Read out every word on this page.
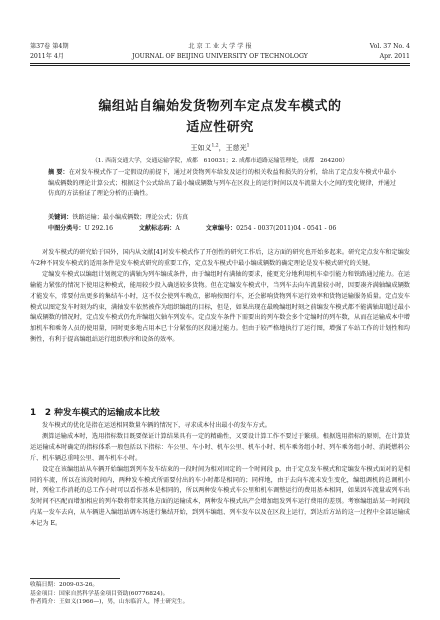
第37卷 第4期	北 京 工 业 大 学 学 报	Vol. 37 No. 4
2011年 4月	JOURNAL OF BEIJING UNIVERSITY OF TECHNOLOGY	Apr. 2011
编组站自编始发货物列车定点发车模式的
适应性研究
王如义$^{1,2}$，王慈光$^1$
（1. 西南交通大学，交通运输学院，成都　610031；2. 成都市道路运输管理处，成都　264200）

摘 要：在对发车模式作了一定假设的前提下，通过对货物列车给发及运行的相关收益和损失的分析，给出了定点发车模式中最小编成辆数的理论计算公式；根据这个公式给出了最小编成辆数与列车在区段上的运行时间以及车流量大小之间的变化规律，并通过仿真的方法验证了理论分析的正确性。

关键词：铁路运输；最小编成辆数；理论公式；仿真
中图分类号：U 292.16	文献标志码：A	文章编号：0254 - 0037(2011)04 - 0541 - 06

对发车模式的研究始于国外，国内从文献[4]对发车模式作了开创性的研究工作后，这方面的研究也开始多起来。研究定点发车和定编发车2种不同发车模式的适用条件是发车模式研究的重要工作，定点发车模式中最小编成辆数的确定理论是发车模式研究的关键。

定编发车模式以编组计划规定的满轴为列车编成条件，由于编组时有满轴的要求，能更充分地利用机车牵引能力和铁路通过能力。在运输能力紧张的情况下使用这种模式，能用较少投入确送较多货物。但在定编发车模式中，当列车去向车流量较小时，因要凑齐满轴编成辆数才能发车，常要付出更多的集结车小时，这不仅会使列车晚点，影响按图行车，还会影响货物列车运行效率和货物运输服务质量。定点发车模式以图定发车时刻为约束，满轴发车依然被作为组织编组的目标，但是，如果出现在最晚编组时刻之前编发车模式都不能满轴却超过最小编成辆数的情况时，定点发车模式仍允许编组欠轴车列发车。定点发车条件下需要出的列车数会多个定编时的列车数，从而在运输成本中增加机车和乘务人员的使用量，同时更多地占用本已十分紧张的区段通过能力。但由于较严格地执行了运行图，增强了车站工作的计划性和均衡性，有利于提高编组站运行组织秩序和设备的效率。

1　2 种发车模式的运输成本比较

发车模式的优化是指在运送相同数量车辆的情况下，寻求成本付出最小的发车方式。

测算运输成本时，选用指标数目既要保证计算结果具有一定的精确性，又要设计算工作不要过于繁琐。根据选用指标的原则，在计算货运运输成本时确定的指标体系一般包括以下指标：车公里、车小时、机车公里、机车小时、机车乘务组小时、列车乘务组小时、消耗燃料公斤、机车辆总重吨公里、调车机车小时。

设定在该编组站从车辆开始编组到列车发车结束的一段时间为相对固定的一个时间段 p，由于定点发车模式和定编发车模式面对的是相同的车流，所以在该段时间内，两种发车模式所需要付出的车小时都是相同的；同样地，由于去向车流未发生变化，编组调机的总调机小时，列检工作消耗的总工作小时可以看作基本是相同的，所以两种发车模式车公里和机车调整运行的费用基本相同，如果因车流量或列车出发时间不匹配而增加相应的列车数将带来其他方面的运输成本，两种发车模式出产会增加组发列车运行费用的差别。考察编组站某一时间段内某一发车去向，从车辆进入编组站调车场进行集结开始，到列车编组、列车发车以及在区段上运行，到达后方站的这一过程中全部运输成本记为 E。

收稿日期：2009-03-26。
基金项目：国家自然科学基金项目资助(60776824)。
作者简介：王如义(1966—)，男，山东临沂人，博士研究生。
